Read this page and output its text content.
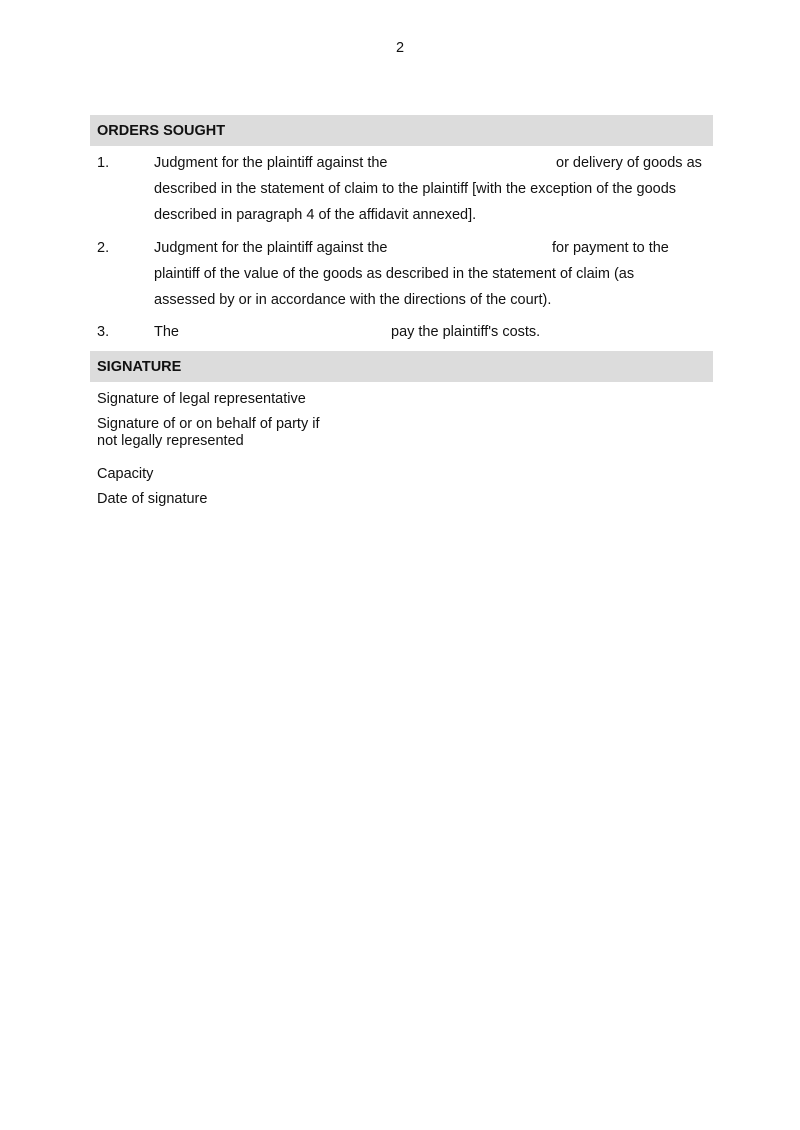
2
ORDERS SOUGHT
1.	Judgment for the plaintiff against the	or delivery of goods as
described in the statement of claim to the plaintiff [with the exception of the goods
described in paragraph 4 of the affidavit annexed].
2.	Judgment for the plaintiff against the	for payment to the
plaintiff of the value of the goods as described in the statement of claim (as
assessed by or in accordance with the directions of the court).
3.	The	pay the plaintiff's costs.
SIGNATURE
Signature of legal representative
Signature of or on behalf of party if
not legally represented
Capacity
Date of signature
